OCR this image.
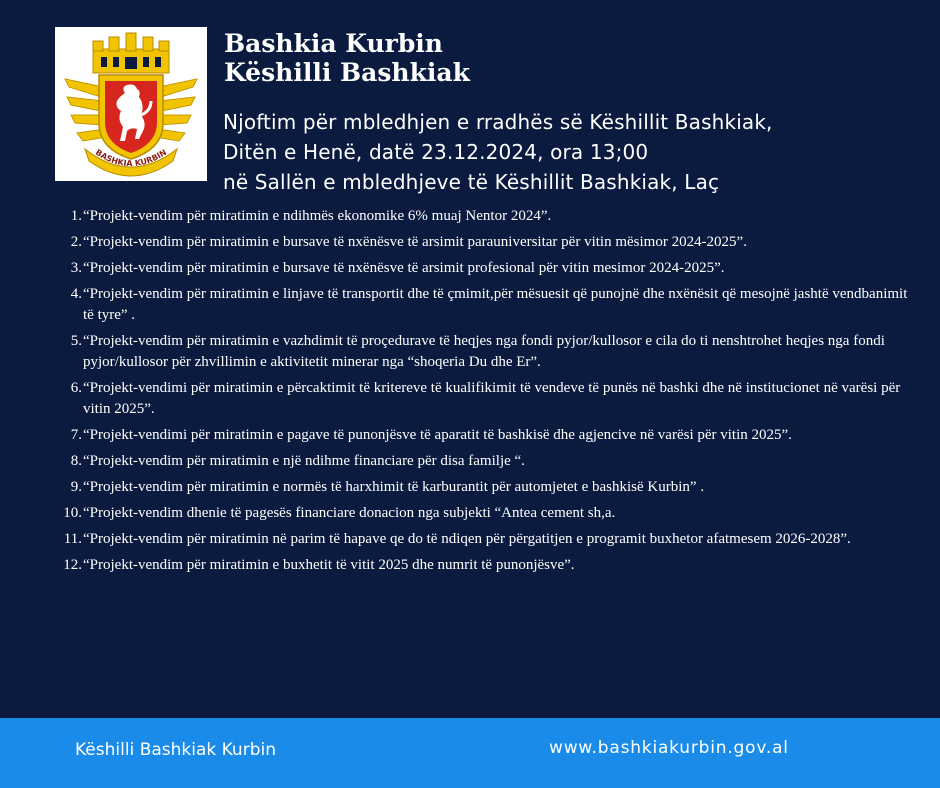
BASHKIA KURBIN
Bashkia Kurbin
Këshilli Bashkiak
Njoftim për mbledhjen e rradhës së Këshillit Bashkiak,
Ditën e Henë, datë 23.12.2024, ora 13;00
në Sallën e mbledhjeve të Këshillit Bashkiak, Laç
1. “Projekt-vendim për miratimin e ndihmës ekonomike 6% muaj Nentor 2024”.
2. “Projekt-vendim për miratimin e bursave të nxënësve të arsimit parauniversitar për vitin mësimor 2024-2025”.
3. “Projekt-vendim për miratimin e bursave të nxënësve të arsimit profesional për vitin mesimor 2024-2025”.
4. “Projekt-vendim për miratimin e linjave të transportit dhe të çmimit,për mësuesit që punojnë dhe nxënësit që mesojnë jashtë vendbanimit të tyre” .
5. “Projekt-vendim për miratimin e vazhdimit të proçedurave të heqjes nga fondi pyjor/kullosor e cila do ti nenshtrohet heqjes nga fondi pyjor/kullosor për zhvillimin e aktivitetit minerar nga “shoqeria Du dhe Er”.
6. “Projekt-vendimi për miratimin e përcaktimit të kritereve të kualifikimit të vendeve të punës në bashki dhe në institucionet në varësi për vitin 2025”.
7. “Projekt-vendimi për miratimin e pagave të punonjësve të aparatit të bashkisë dhe agjencive në varësi për vitin 2025”.
8. “Projekt-vendim për miratimin e një ndihme financiare për disa familje “.
9. “Projekt-vendim për miratimin e normës të harxhimit të karburantit për automjetet e bashkisë Kurbin” .
10. “Projekt-vendim dhenie të pagesës financiare donacion nga subjekti “Antea cement sh,a.
11. “Projekt-vendim për miratimin në parim të hapave qe do të ndiqen për përgatitjen e programit buxhetor afatmesem 2026-2028”.
12. “Projekt-vendim për miratimin e buxhetit të vitit 2025 dhe numrit të punonjësve”.
Këshilli Bashkiak Kurbin	www.bashkiakurbin.gov.al
